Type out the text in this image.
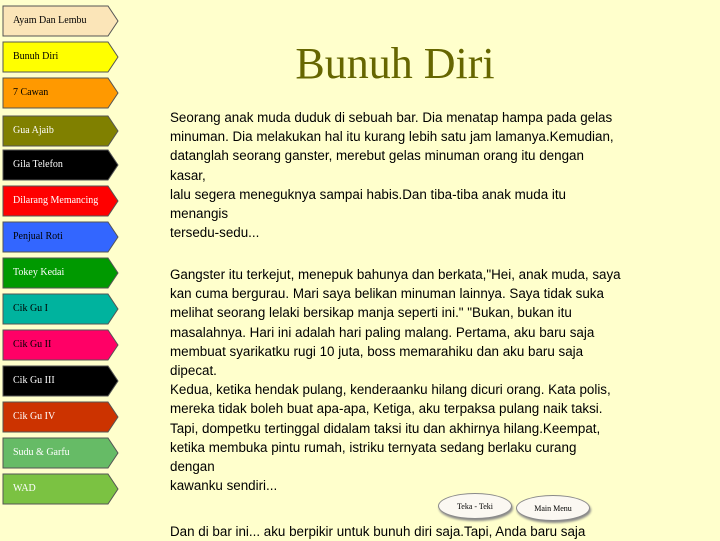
Ayam Dan Lembu
Bunuh Diri
7 Cawan
Gua Ajaib
Gila Telefon
Dilarang Memancing
Penjual Roti
Tokey Kedai
Cik Gu I
Cik Gu II
Cik Gu III
Cik Gu IV
Sudu & Garfu
WAD
Bunuh Diri
Seorang anak muda duduk di sebuah bar. Dia menatap hampa pada gelas
minuman. Dia melakukan hal itu kurang lebih satu jam lamanya.Kemudian,
datanglah seorang ganster, merebut gelas minuman orang itu dengan
kasar,
lalu segera meneguknya sampai habis.Dan tiba-tiba anak muda itu
menangis
tersedu-sedu...
Gangster itu terkejut, menepuk bahunya dan berkata,"Hei, anak muda, saya
kan cuma bergurau. Mari saya belikan minuman lainnya. Saya tidak suka
melihat seorang lelaki bersikap manja seperti ini." "Bukan, bukan itu
masalahnya. Hari ini adalah hari paling malang. Pertama, aku baru saja
membuat syarikatku rugi 10 juta, boss memarahiku dan aku baru saja
dipecat.
Kedua, ketika hendak pulang, kenderaanku hilang dicuri orang. Kata polis,
mereka tidak boleh buat apa-apa, Ketiga, aku terpaksa pulang naik taksi.
Tapi, dompetku tertinggal didalam taksi itu dan akhirnya hilang.Keempat,
ketika membuka pintu rumah, istriku ternyata sedang berlaku curang
dengan
kawanku sendiri...
Dan di bar ini... aku berpikir untuk bunuh diri saja.Tapi, Anda baru saja
Teka - Teki	Main Menu
